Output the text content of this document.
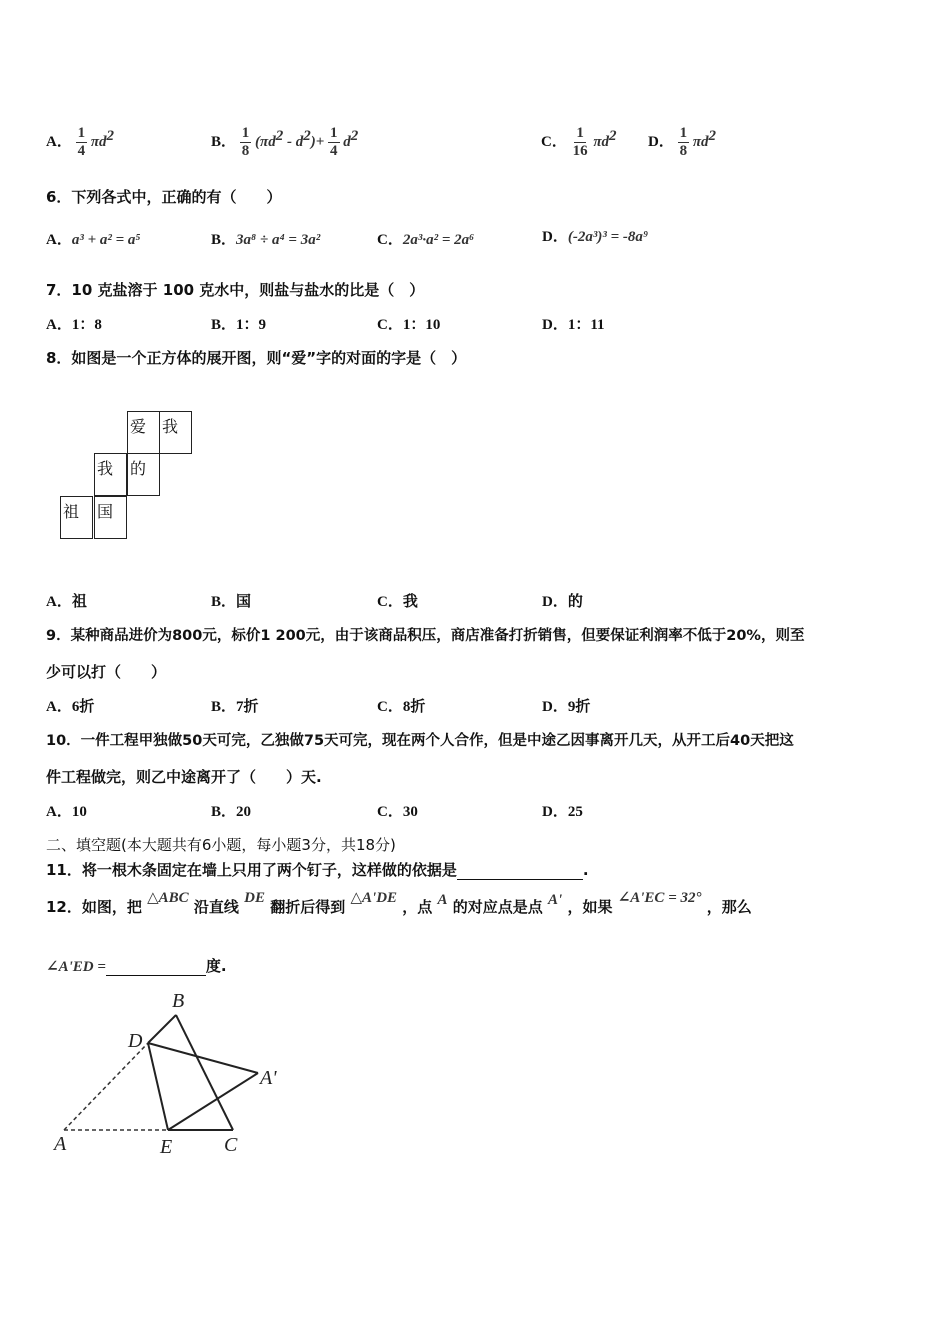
A． $\frac{1}{4} \pi d^2$	B． $\frac{1}{8} (\pi d^2 - d^2)+ \frac{1}{4} d^2$	C． $\frac{1}{16} \pi d^2$ D． $\frac{1}{8} \pi d^2$
6．下列各式中，正确的有（　　）
A．a³ + a² = a⁵	B．3a⁸ ÷ a⁴ = 3a²	C．2a³·a² = 2a⁶	D．(-2a³)³ = -8a⁹
7．10 克盐溶于 100 克水中，则盐与盐水的比是（　）
A．1：8	B．1：9	C．1：10	D．1：11
8．如图是一个正方体的展开图，则“爱”字的对面的字是（　）
爱 我
我	的
祖	国
A．祖	B．国	C．我	D．的
9．某种商品进价为800元，标价1 200元，由于该商品积压，商店准备打折销售，但要保证利润率不低于20%，则至
少可以打（　　）
A．6折	B．7折	C．8折	D．9折
10．一件工程甲独做50天可完，乙独做75天可完，现在两个人合作，但是中途乙因事离开几天，从开工后40天把这
件工程做完，则乙中途离开了（　　）天.
A．10	B．20	C．30	D．25
二、填空题(本大题共有6小题，每小题3分，共18分)
11．将一根木条固定在墙上只用了两个钉子，这样做的依据是	.
12．如图，把 △ABC 沿直线 DE 翻折后得到 △A'DE ，点 A 的对应点是点 A' ，如果 ∠A'EC = 32° ，那么
∠A'ED =	度.
B
D
A'
A	E	C
